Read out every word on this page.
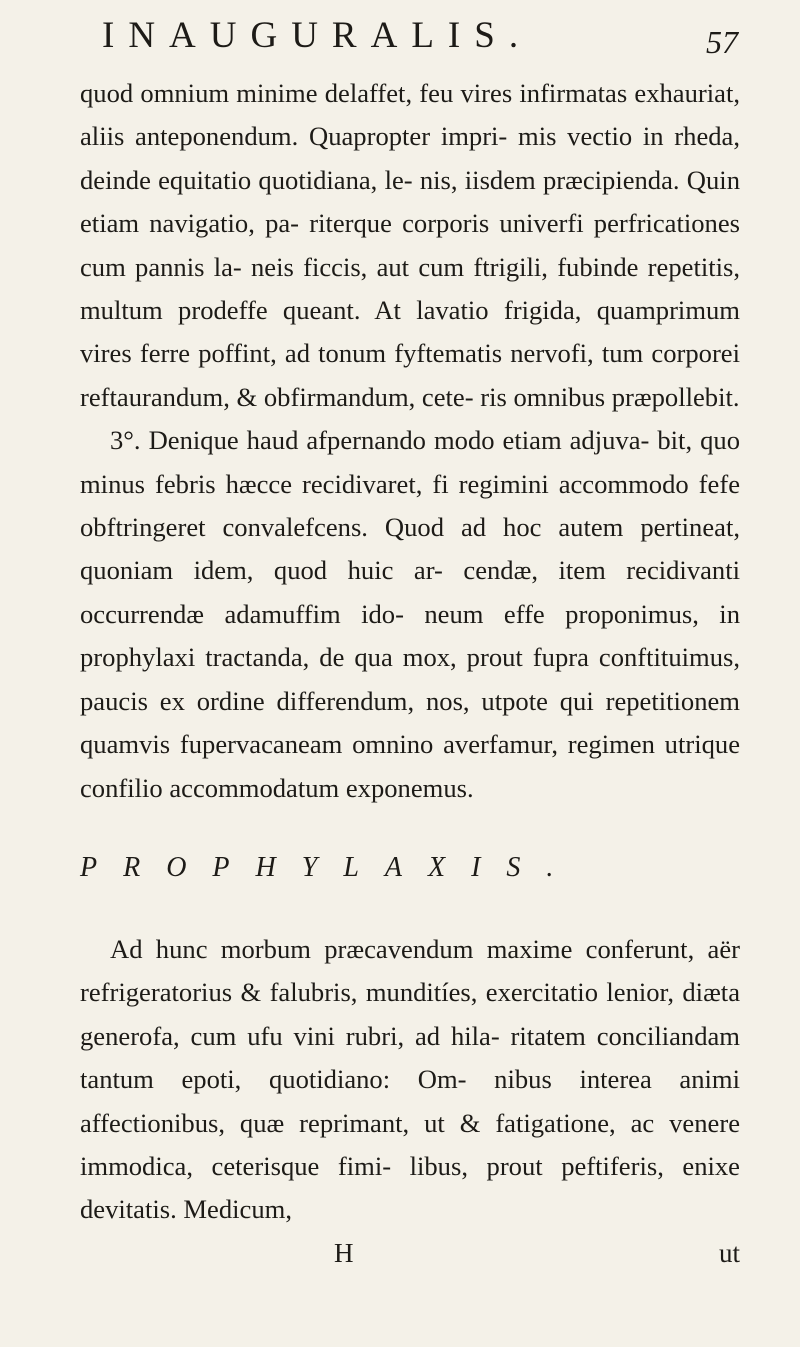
INAUGURALIS.	57

quod omnium minime delaffet, feu vires infirmatas exhauriat, aliis anteponendum. Quapropter impri- mis vectio in rheda, deinde equitatio quotidiana, le- nis, iisdem præcipienda. Quin etiam navigatio, pa- riterque corporis univerfi perfricationes cum pannis la- neis ficcis, aut cum ftrigili, fubinde repetitis, multum prodeffe queant. At lavatio frigida, quamprimum vires ferre poffint, ad tonum fyftematis nervofi, tum corporei reftaurandum, & obfirmandum, cete- ris omnibus præpollebit.

3°. Denique haud afpernando modo etiam adjuva- bit, quo minus febris hæcce recidivaret, fi regimini accommodo fefe obftringeret convalefcens. Quod ad hoc autem pertineat, quoniam idem, quod huic ar- cendæ, item recidivanti occurrendæ adamuffim ido- neum effe proponimus, in prophylaxi tractanda, de qua mox, prout fupra conftituimus, paucis ex ordine differendum, nos, utpote qui repetitionem quamvis fupervacaneam omnino averfamur, regimen utrique confilio accommodatum exponemus.

PROPHYLAXIS.

Ad hunc morbum præcavendum maxime conferunt, aër refrigeratorius & falubris, munditíes, exercitatio lenior, diæta generofa, cum ufu vini rubri, ad hila- ritatem conciliandam tantum epoti, quotidiano: Om- nibus interea animi affectionibus, quæ reprimant, ut & fatigatione, ac venere immodica, ceterisque fimi- libus, prout peftiferis, enixe devitatis. Medicum,

H	ut
